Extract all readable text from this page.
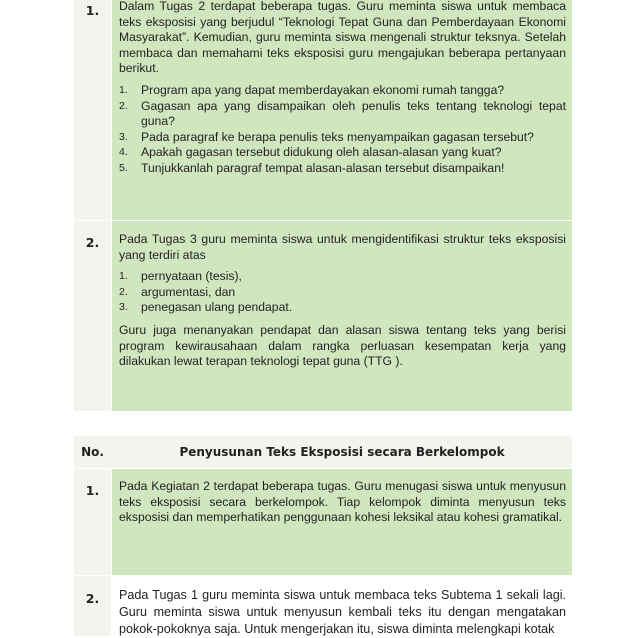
1.	Dalam Tugas 2 terdapat beberapa tugas. Guru meminta siswa untuk membaca teks eksposisi yang berjudul “Teknologi Tepat Guna dan Pemberdayaan Ekonomi Masyarakat”. Kemudian, guru meminta siswa mengenali struktur teksnya. Setelah membaca dan memahami teks eksposisi guru mengajukan beberapa pertanyaan berikut.

1. Program apa yang dapat memberdayakan ekonomi rumah tangga?
2. Gagasan apa yang disampaikan oleh penulis teks tentang teknologi tepat guna?
3. Pada paragraf ke berapa penulis teks menyampaikan gagasan tersebut?
4. Apakah gagasan tersebut didukung oleh alasan-alasan yang kuat?
5. Tunjukkanlah paragraf tempat alasan-alasan tersebut disampaikan!
2.	Pada Tugas 3 guru meminta siswa untuk mengidentifikasi struktur teks eksposisi yang terdiri atas

1. pernyataan (tesis),
2. argumentasi, dan
3. penegasan ulang pendapat.

Guru juga menanyakan pendapat dan alasan siswa tentang teks yang berisi program kewirausahaan dalam rangka perluasan kesempatan kerja yang dilakukan lewat terapan teknologi tepat guna (TTG ).

No.	Penyusunan Teks Eksposisi secara Berkelompok
1.	Pada Kegiatan 2 terdapat beberapa tugas. Guru menugasi siswa untuk menyusun teks eksposisi secara berkelompok. Tiap kelompok diminta menyusun teks eksposisi dan memperhatikan penggunaan kohesi leksikal atau kohesi gramatikal.
2.	Pada Tugas 1 guru meminta siswa untuk membaca teks Subtema 1 sekali lagi. Guru meminta siswa untuk menyusun kembali teks itu dengan mengatakan pokok-pokoknya saja. Untuk mengerjakan itu, siswa diminta melengkapi kotak
